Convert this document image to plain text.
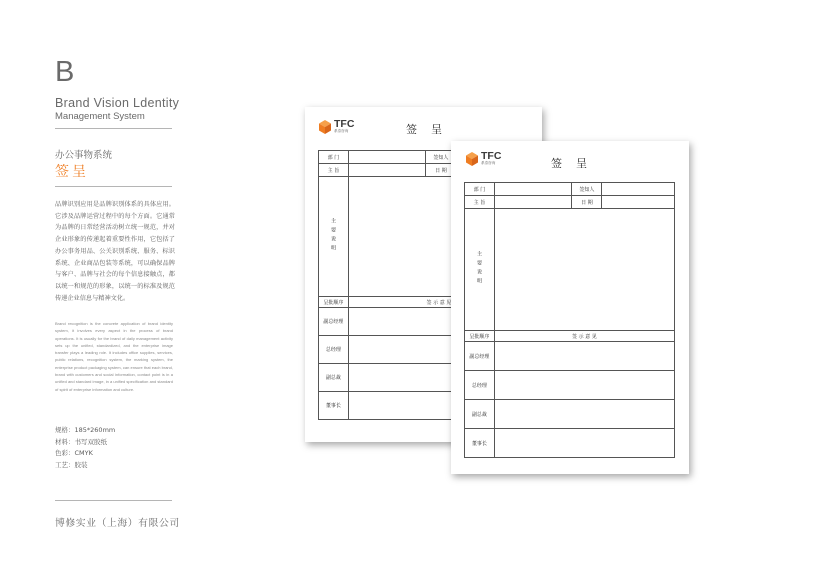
B
Brand Vision Ldentity
Management System
办公事物系统
签呈
品牌识别应用是品牌识别体系的具体应用。它涉及品牌运营过程中的每个方面。它通常为品牌的日常经营活动树立统一规范，并对企业形象的传递起着重要性作用，它包括了办公事务用品、公关识别系统、服务、标识系统、企业商品包装等系统，可以确保品牌与客户、品牌与社会的每个信息接触点，都以统一和规范的形象，以统一的标准及规范传递企业信息与精神文化。
Brand recognition is the concrete application of brand identity system, it involves every aspect in the process of brand operations. It is usually for the brand of daily management activity sets up the unified, standardized, and the enterprise image transfer plays a leading role. It includes office supplies, services, public relations, recognition system, the marking system, the enterprise product packaging system, can ensure that each brand, brand with customers and social information, contact point is in a unified and standard image, in a unified specification and standard of spirit of enterprise information and culture.
规格：185*260mm
材料：书写双胶纸
色彩：CMYK
工艺：胶装
博修实业（上海）有限公司
TFC
系泰咨询	签呈
部 门		签知人	
主 旨		日 期	
主要说明			
呈批顺序	签 示 意 见		
副总经理			
总经理			
副总裁			
董事长			
TFC
系泰咨询	签呈
部 门		签知人	
主 旨		日 期	
主要说明			
呈批顺序	签 示 意 见		
副总经理			
总经理			
副总裁			
董事长			
